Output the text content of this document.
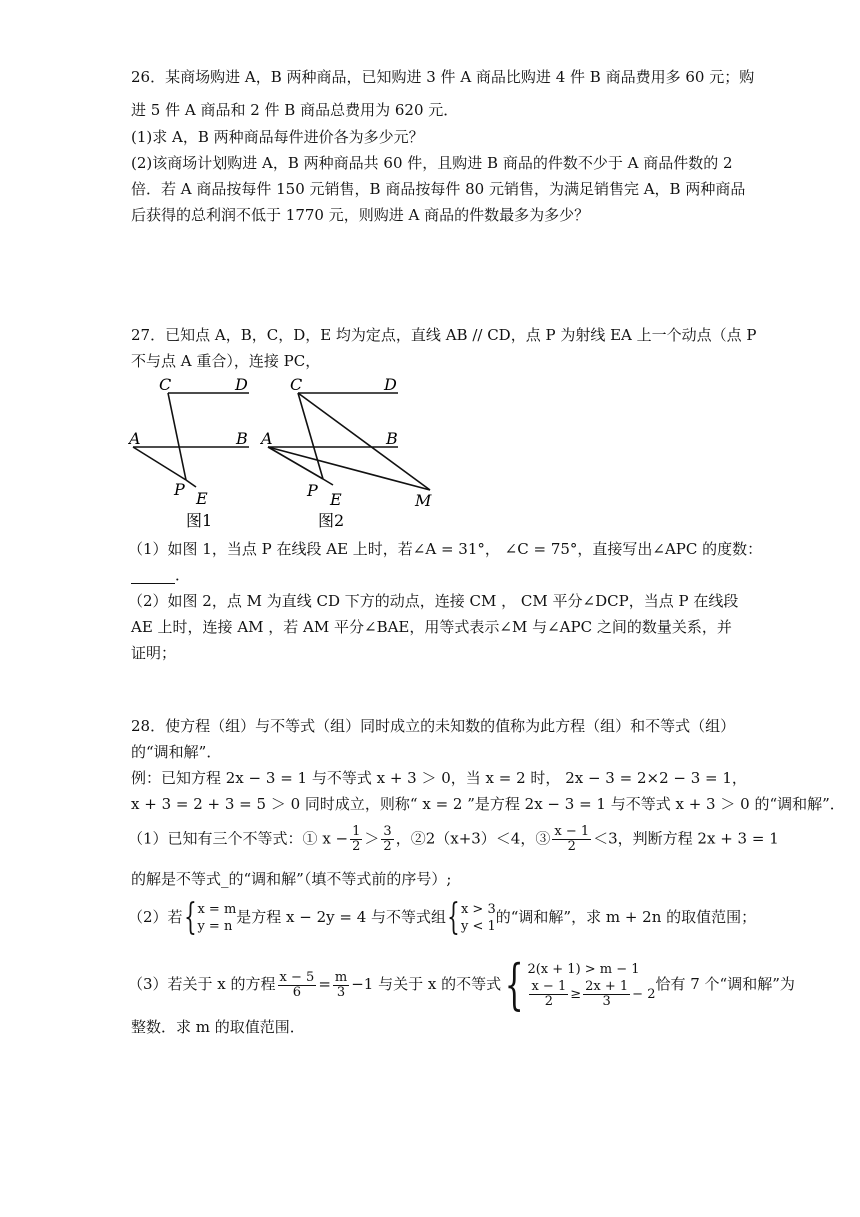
26．某商场购进 A，B 两种商品，已知购进 3 件 A 商品比购进 4 件 B 商品费用多 60 元；购
进 5 件 A 商品和 2 件 B 商品总费用为 620 元．
(1)求 A，B 两种商品每件进价各为多少元？
(2)该商场计划购进 A，B 两种商品共 60 件，且购进 B 商品的件数不少于 A 商品件数的 2
倍．若 A 商品按每件 150 元销售，B 商品按每件 80 元销售，为满足销售完 A，B 两种商品
后获得的总利润不低于 1770 元，则购进 A 商品的件数最多为多少？
27．已知点 A，B，C，D，E 均为定点，直线 AB // CD，点 P 为射线 EA 上一个动点（点 P
不与点 A 重合），连接 PC，
C	D
A	B
P E
图1
C	D
A	B
P E	M
图2
（1）如图 1，当点 P 在线段 AE 上时，若∠A = 31°， ∠C = 75°，直接写出∠APC 的度数：
．
（2）如图 2，点 M 为直线 CD 下方的动点，连接 CM ， CM 平分∠DCP，当点 P 在线段
AE 上时，连接 AM ，若 AM 平分∠BAE，用等式表示∠M 与∠APC 之间的数量关系，并
证明；
28．使方程（组）与不等式（组）同时成立的未知数的值称为此方程（组）和不等式（组）
的“调和解”．
例：已知方程 2x − 3 = 1 与不等式 x + 3 ＞ 0，当 x = 2 时， 2x − 3 = 2×2 − 3 = 1，
x + 3 = 2 + 3 = 5 ＞ 0 同时成立，则称“ x = 2 ”是方程 2x − 3 = 1 与不等式 x + 3 ＞ 0 的“调和解”．
（1）已知有三个不等式：① $x - \frac{1}{2} > \frac{3}{2}$ ，②2（x+3）＜4，③ $\frac{x - 1}{2} <3$，判断方程 2x + 3 = 1
的解是不等式_的“调和解”（填不等式前的序号）;
（2）若{ x = m
y = n
是方程 x − 2y = 4 与不等式组{ x > 3
y < 1
的“调和解”，求 m + 2n 的取值范围；
（3）若关于 x 的方程 $\frac{x - 5}{6} = \frac{m}{3} -1$ 与关于 x 的不等式{ 2(x + 1) > m − 1
$\frac{x - 1}{2} \ge \frac{2x + 1}{3} - 2$
恰有 7 个“调和解”为
整数．求 m 的取值范围．
